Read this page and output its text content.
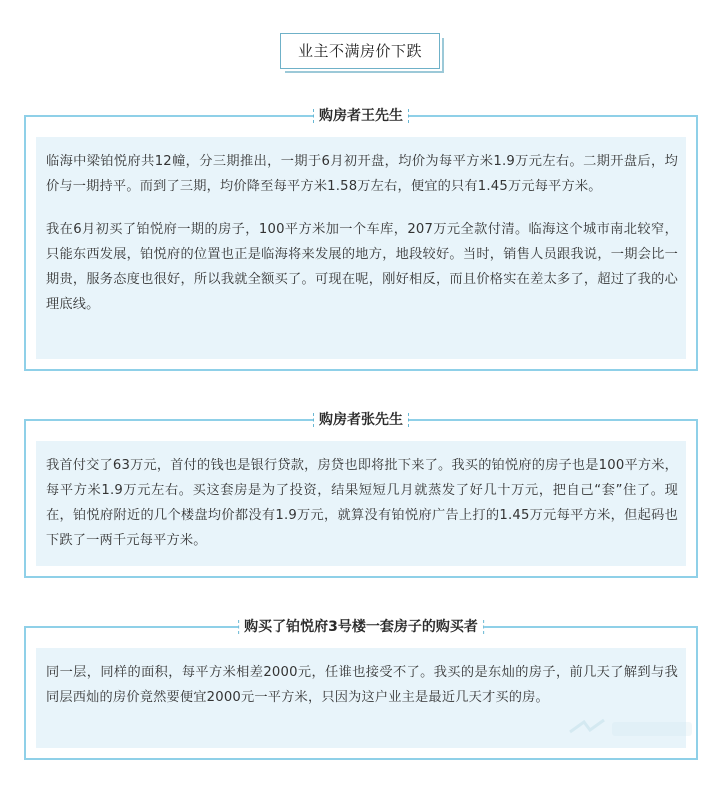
业主不满房价下跌

临海中梁铂悦府共12幢，分三期推出，一期于6月初开盘，均价为每平方米1.9万元左右。二期开盘后，均价与一期持平。而到了三期，均价降至每平方米1.58万左右，便宜的只有1.45万元每平方米。

我在6月初买了铂悦府一期的房子，100平方米加一个车库，207万元全款付清。临海这个城市南北较窄，只能东西发展，铂悦府的位置也正是临海将来发展的地方，地段较好。当时，销售人员跟我说，一期会比一期贵，服务态度也很好，所以我就全额买了。可现在呢，刚好相反，而且价格实在差太多了，超过了我的心理底线。

购房者王先生

我首付交了63万元，首付的钱也是银行贷款，房贷也即将批下来了。我买的铂悦府的房子也是100平方米，每平方米1.9万元左右。买这套房是为了投资，结果短短几月就蒸发了好几十万元，把自己“套”住了。现在，铂悦府附近的几个楼盘均价都没有1.9万元，就算没有铂悦府广告上打的1.45万元每平方米，但起码也下跌了一两千元每平方米。

购房者张先生

同一层，同样的面积，每平方米相差2000元，任谁也接受不了。我买的是东灿的房子，前几天了解到与我同层西灿的房价竟然要便宜2000元一平方米，只因为这户业主是最近几天才买的房。

购买了铂悦府3号楼一套房子的购买者
